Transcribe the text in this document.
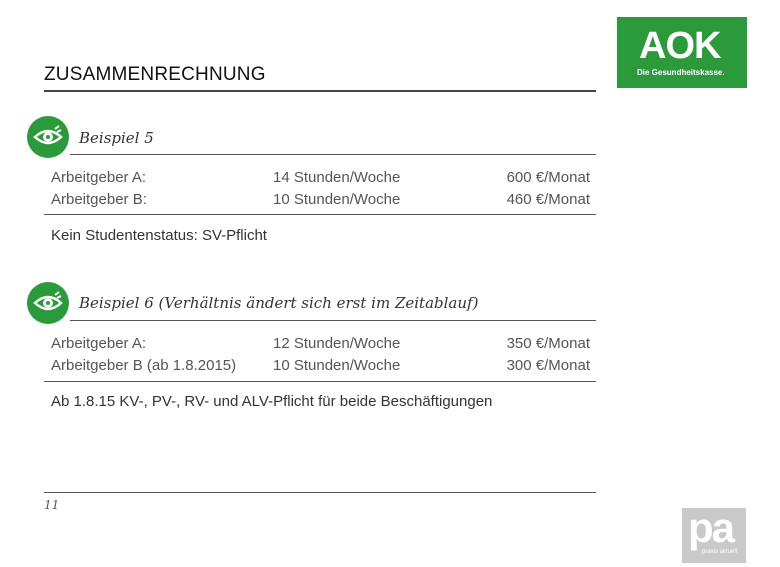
ZUSAMMENRECHNUNG
AOK
Die Gesundheitskasse.
Beispiel 5
Arbeitgeber A:	14 Stunden/Woche	600 €/Monat
Arbeitgeber B:	10 Stunden/Woche	460 €/Monat
Kein Studentenstatus: SV-Pflicht
Beispiel 6 (Verhältnis ändert sich erst im Zeitablauf)
Arbeitgeber A:	12 Stunden/Woche	350 €/Monat
Arbeitgeber B (ab 1.8.2015) 10 Stunden/Woche	300 €/Monat
Ab 1.8.15 KV-, PV-, RV- und ALV-Pflicht für beide Beschäftigungen
11	pa
praxis aktuell
